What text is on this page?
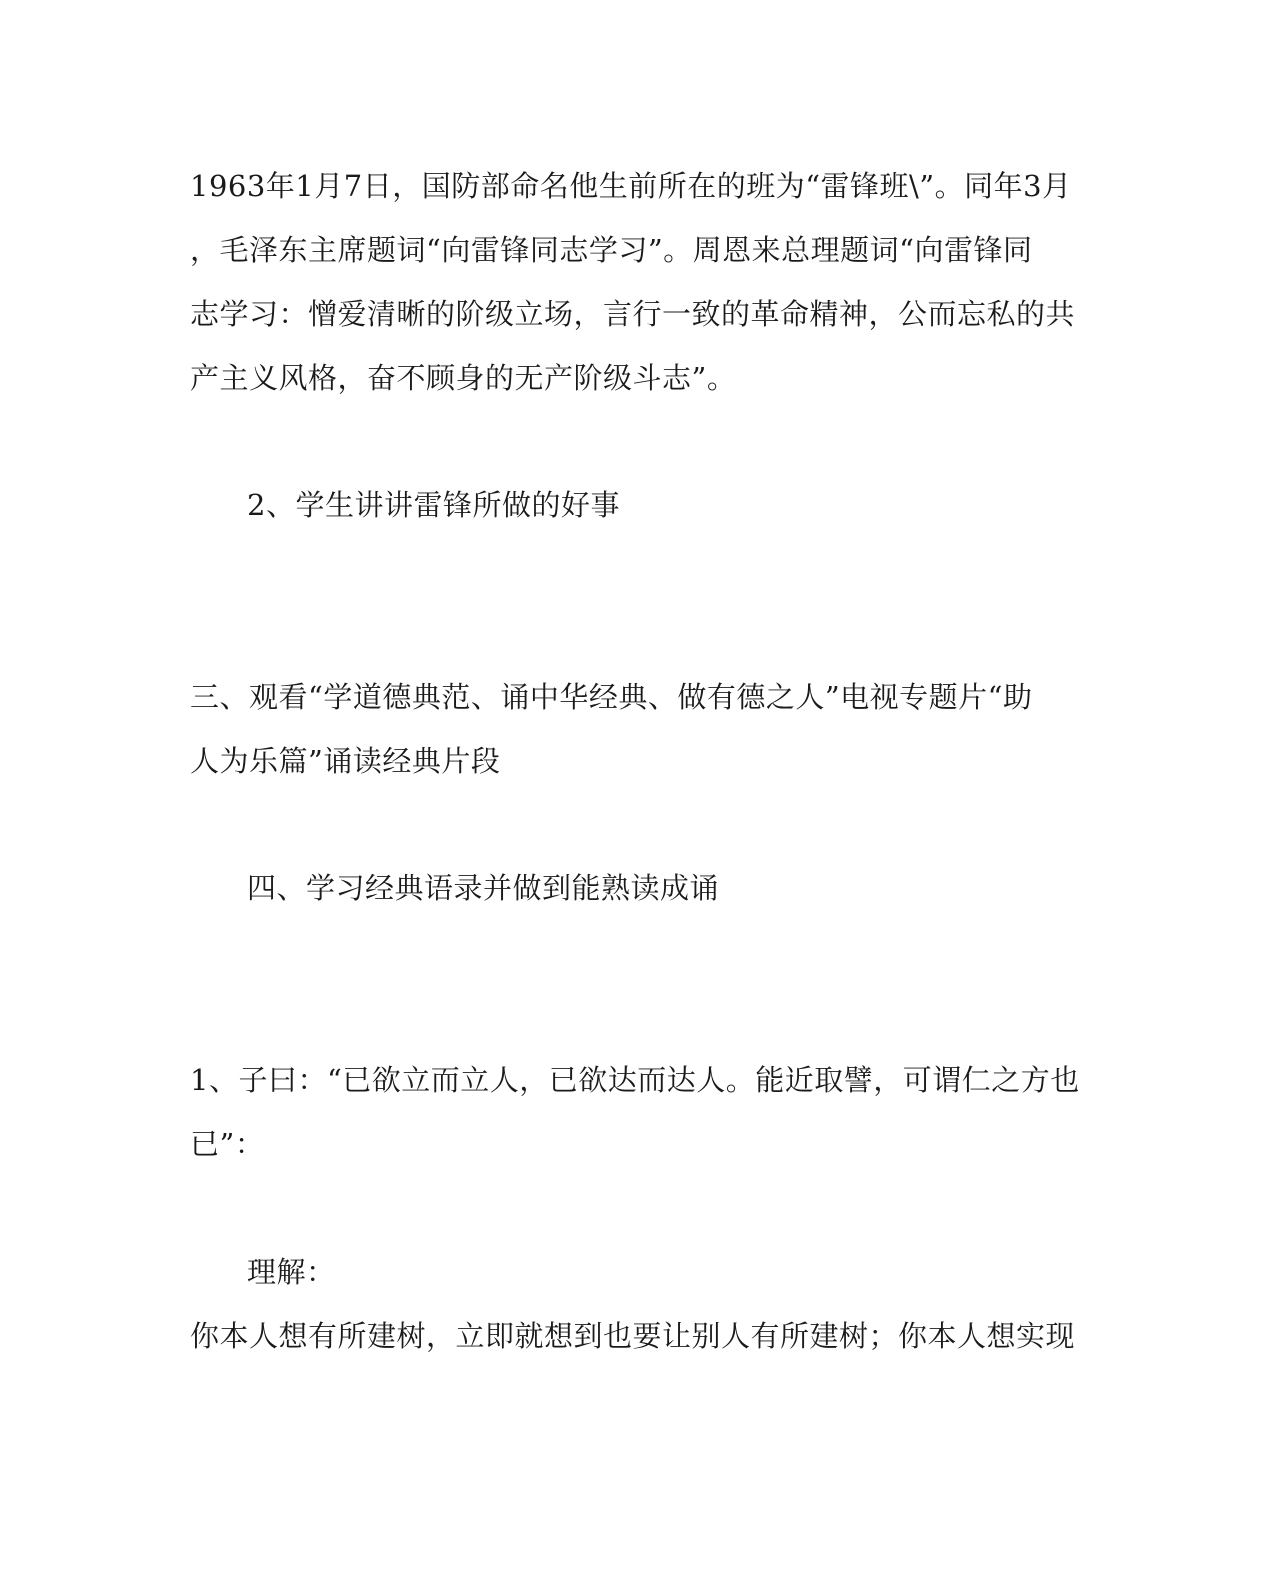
1963年1月7日，国防部命名他生前所在的班为“雷锋班\”。同年3月
，毛泽东主席题词“向雷锋同志学习”。周恩来总理题词“向雷锋同
志学习：憎爱清晰的阶级立场，言行一致的革命精神，公而忘私的共
产主义风格，奋不顾身的无产阶级斗志”。
2、学生讲讲雷锋所做的好事
三、观看“学道德典范、诵中华经典、做有德之人”电视专题片“助
人为乐篇”诵读经典片段
四、学习经典语录并做到能熟读成诵
1、子曰：“已欲立而立人，已欲达而达人。能近取譬，可谓仁之方也
已”：
理解：
你本人想有所建树，立即就想到也要让别人有所建树；你本人想实现
